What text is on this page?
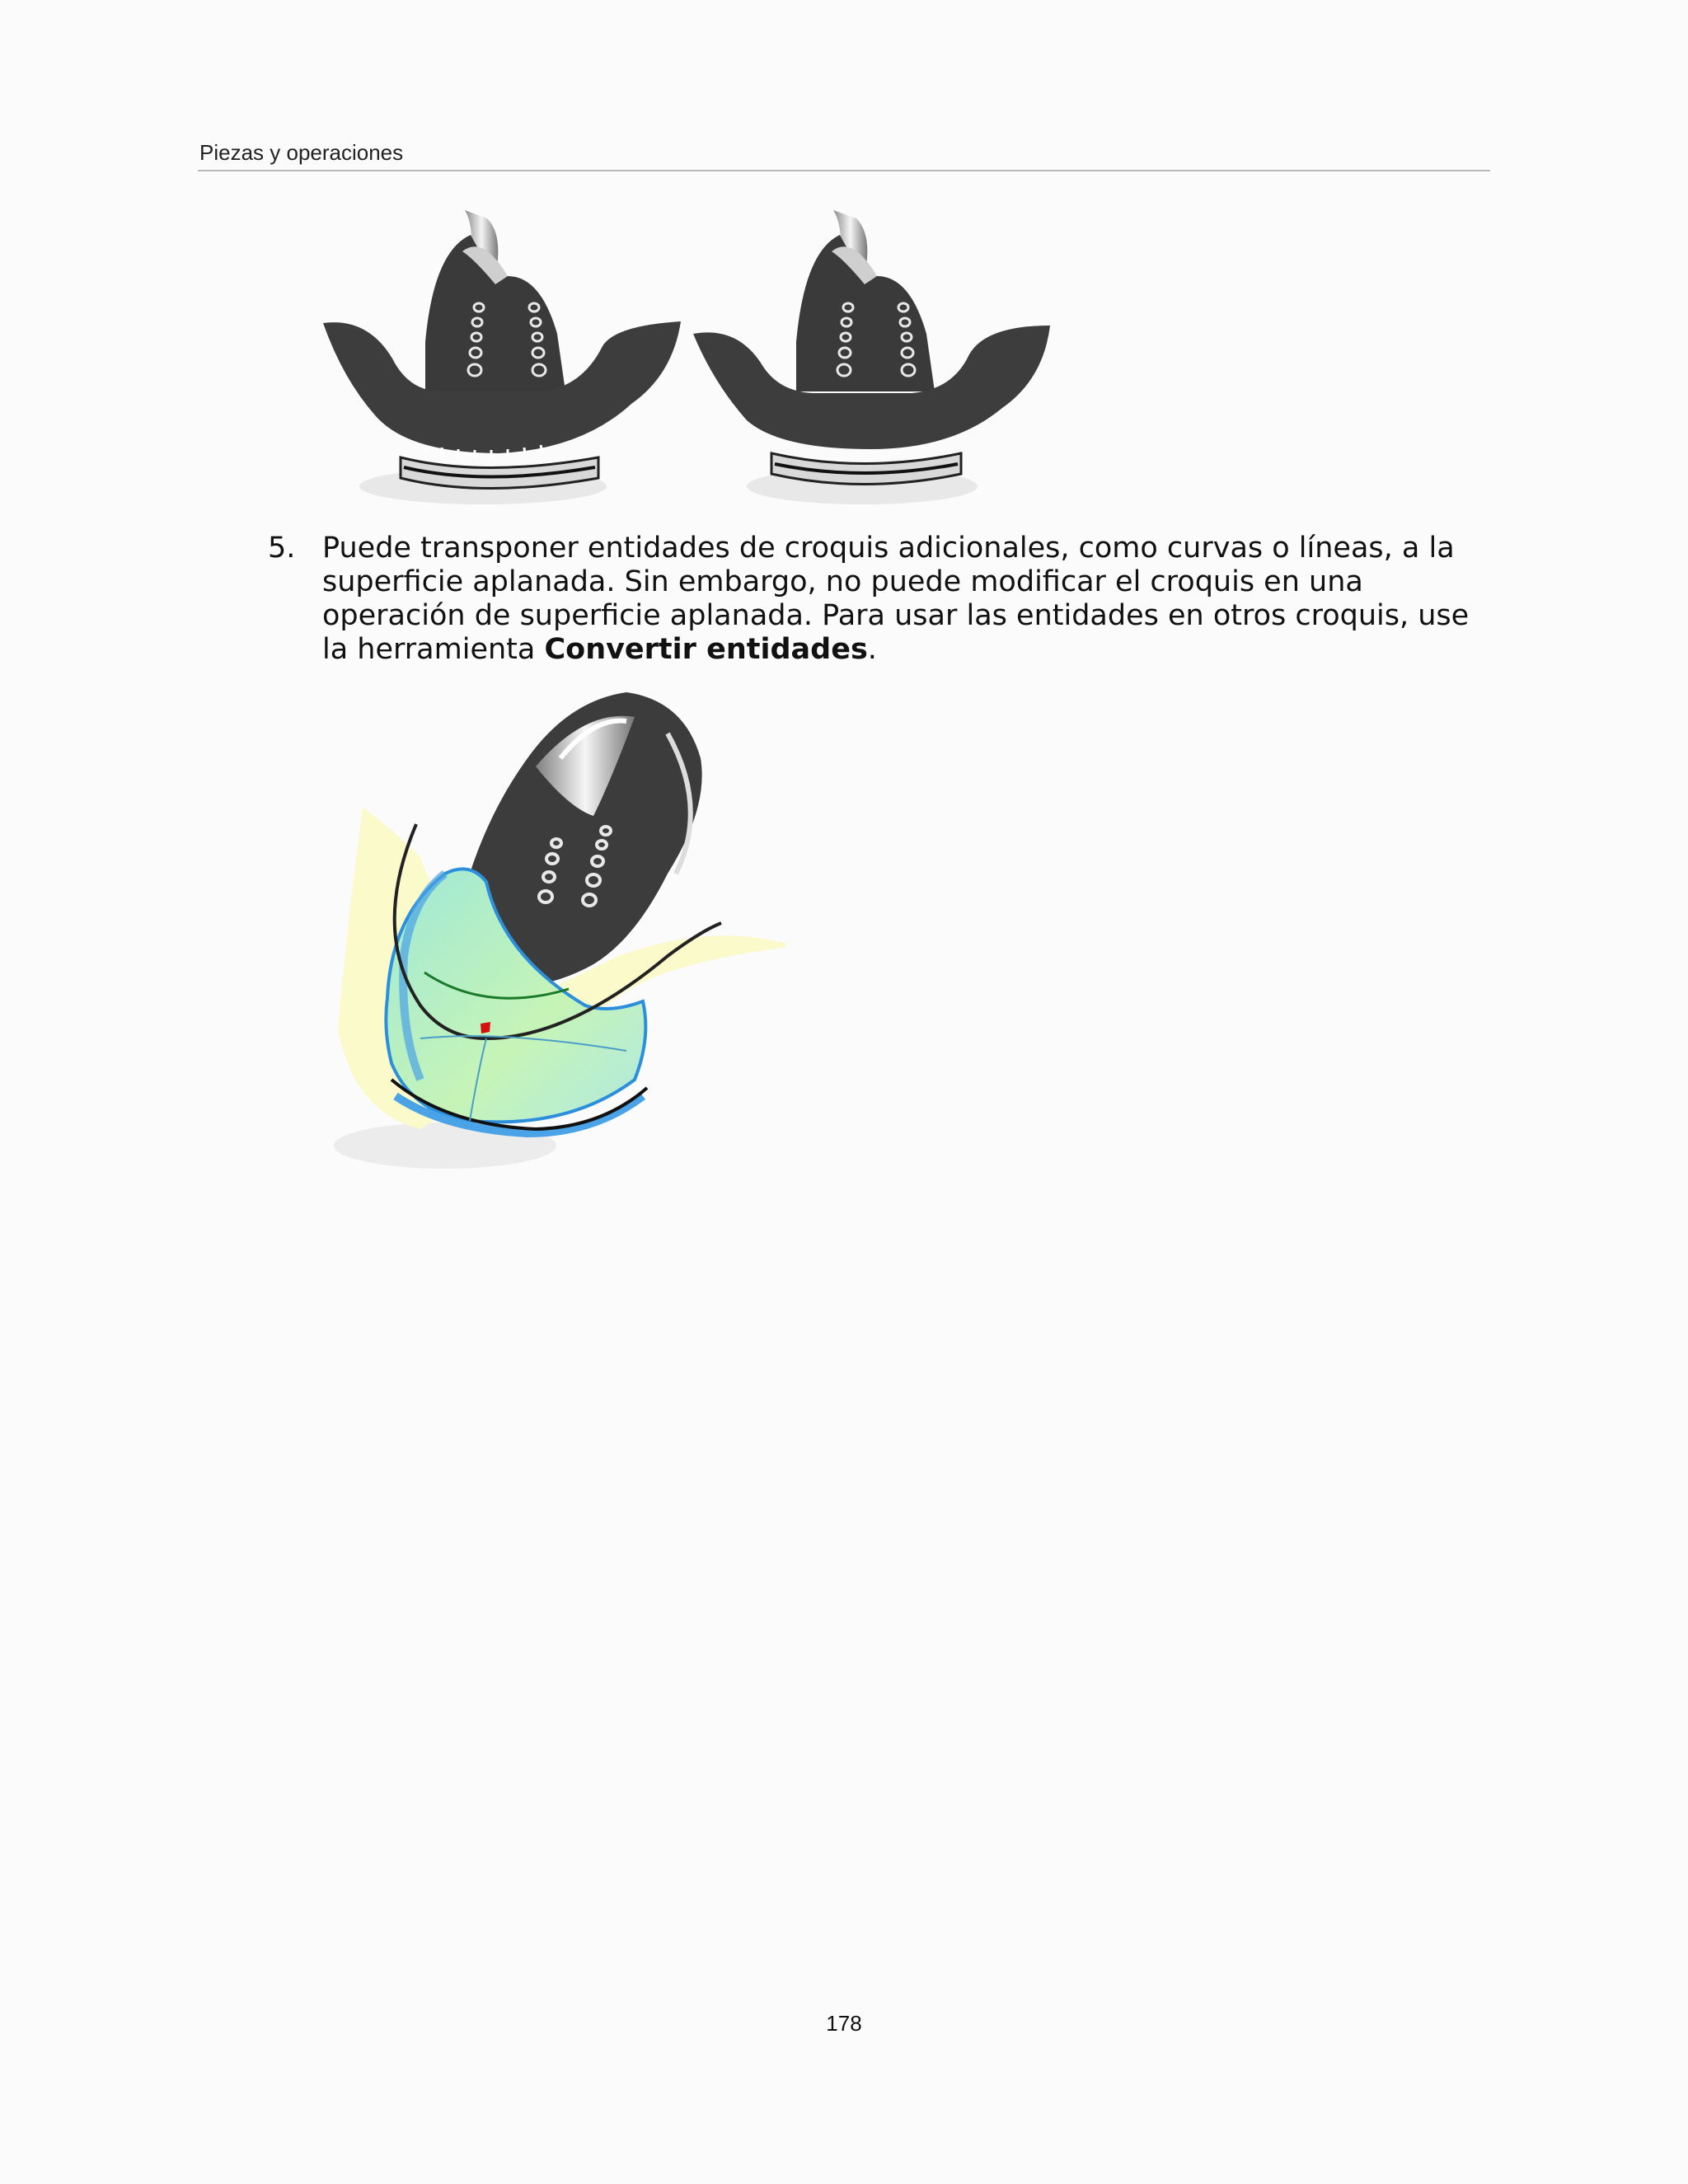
Piezas y operaciones
5. Puede transponer entidades de croquis adicionales, como curvas o líneas, a la superficie aplanada. Sin embargo, no puede modificar el croquis en una operación de superficie aplanada. Para usar las entidades en otros croquis, use la herramienta Convertir entidades.
178
